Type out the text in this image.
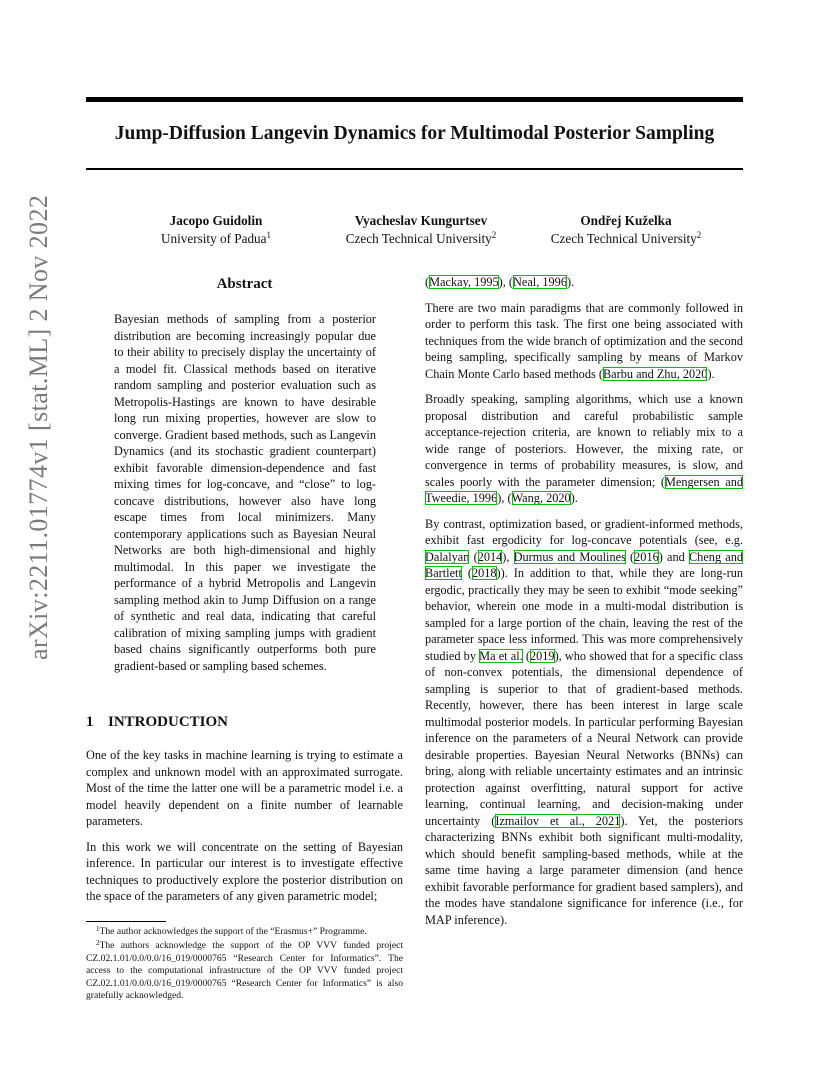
Jump-Diffusion Langevin Dynamics for Multimodal Posterior Sampling
arXiv:2211.01774v1 [stat.ML] 2 Nov 2022	Jacopo Guidolin
University of Padua$^1$
Vyacheslav Kungurtsev
Czech Technical University$^2$
Ondřej Kuželka
Czech Technical University$^2$
Abstract
Bayesian methods of sampling from a posterior distribution are becoming increasingly popular due to their ability to precisely display the uncertainty of a model fit. Classical methods based on iterative random sampling and posterior evaluation such as Metropolis-Hastings are known to have desirable long run mixing properties, however are slow to converge. Gradient based methods, such as Langevin Dynamics (and its stochastic gradient counterpart) exhibit favorable dimension-dependence and fast mixing times for log-concave, and “close” to log-concave distributions, however also have long escape times from local minimizers. Many contemporary applications such as Bayesian Neural Networks are both high-dimensional and highly multimodal. In this paper we investigate the performance of a hybrid Metropolis and Langevin sampling method akin to Jump Diffusion on a range of synthetic and real data, indicating that careful calibration of mixing sampling jumps with gradient based chains significantly outperforms both pure gradient-based or sampling based schemes.
1 INTRODUCTION

One of the key tasks in machine learning is trying to estimate a complex and unknown model with an approximated surrogate. Most of the time the latter one will be a parametric model i.e. a model heavily dependent on a finite number of learnable parameters.

In this work we will concentrate on the setting of Bayesian inference. In particular our interest is to investigate effective techniques to productively explore the posterior distribution on the space of the parameters of any given parametric model;

$^1$The author acknowledges the support of the “Erasmus+” Programme.
$^2$The authors acknowledge the support of the OP VVV funded project CZ.02.1.01/0.0/0.0/16_019/0000765 “Research Center for Informatics”. The access to the computational infrastructure of the OP VVV funded project CZ.02.1.01/0.0/0.0/16_019/0000765 “Research Center for Informatics” is also gratefully acknowledged.

(Mackay, 1995), (Neal, 1996).

There are two main paradigms that are commonly followed in order to perform this task. The first one being associated with techniques from the wide branch of optimization and the second being sampling, specifically sampling by means of Markov Chain Monte Carlo based methods (Barbu and Zhu, 2020).

Broadly speaking, sampling algorithms, which use a known proposal distribution and careful probabilistic sample acceptance-rejection criteria, are known to reliably mix to a wide range of posteriors. However, the mixing rate, or convergence in terms of probability measures, is slow, and scales poorly with the parameter dimension; (Mengersen and Tweedie, 1996), (Wang, 2020).

By contrast, optimization based, or gradient-informed methods, exhibit fast ergodicity for log-concave potentials (see, e.g. Dalalyan (2014), Durmus and Moulines (2016) and Cheng and Bartlett (2018)). In addition to that, while they are long-run ergodic, practically they may be seen to exhibit “mode seeking” behavior, wherein one mode in a multi-modal distribution is sampled for a large portion of the chain, leaving the rest of the parameter space less informed. This was more comprehensively studied by Ma et al. (2019), who showed that for a specific class of non-convex potentials, the dimensional dependence of sampling is superior to that of gradient-based methods. Recently, however, there has been interest in large scale multimodal posterior models. In particular performing Bayesian inference on the parameters of a Neural Network can provide desirable properties. Bayesian Neural Networks (BNNs) can bring, along with reliable uncertainty estimates and an intrinsic protection against overfitting, natural support for active learning, continual learning, and decision-making under uncertainty (Izmailov et al., 2021). Yet, the posteriors characterizing BNNs exhibit both significant multi-modality, which should benefit sampling-based methods, while at the same time having a large parameter dimension (and hence exhibit favorable performance for gradient based samplers), and the modes have standalone significance for inference (i.e., for MAP inference).
